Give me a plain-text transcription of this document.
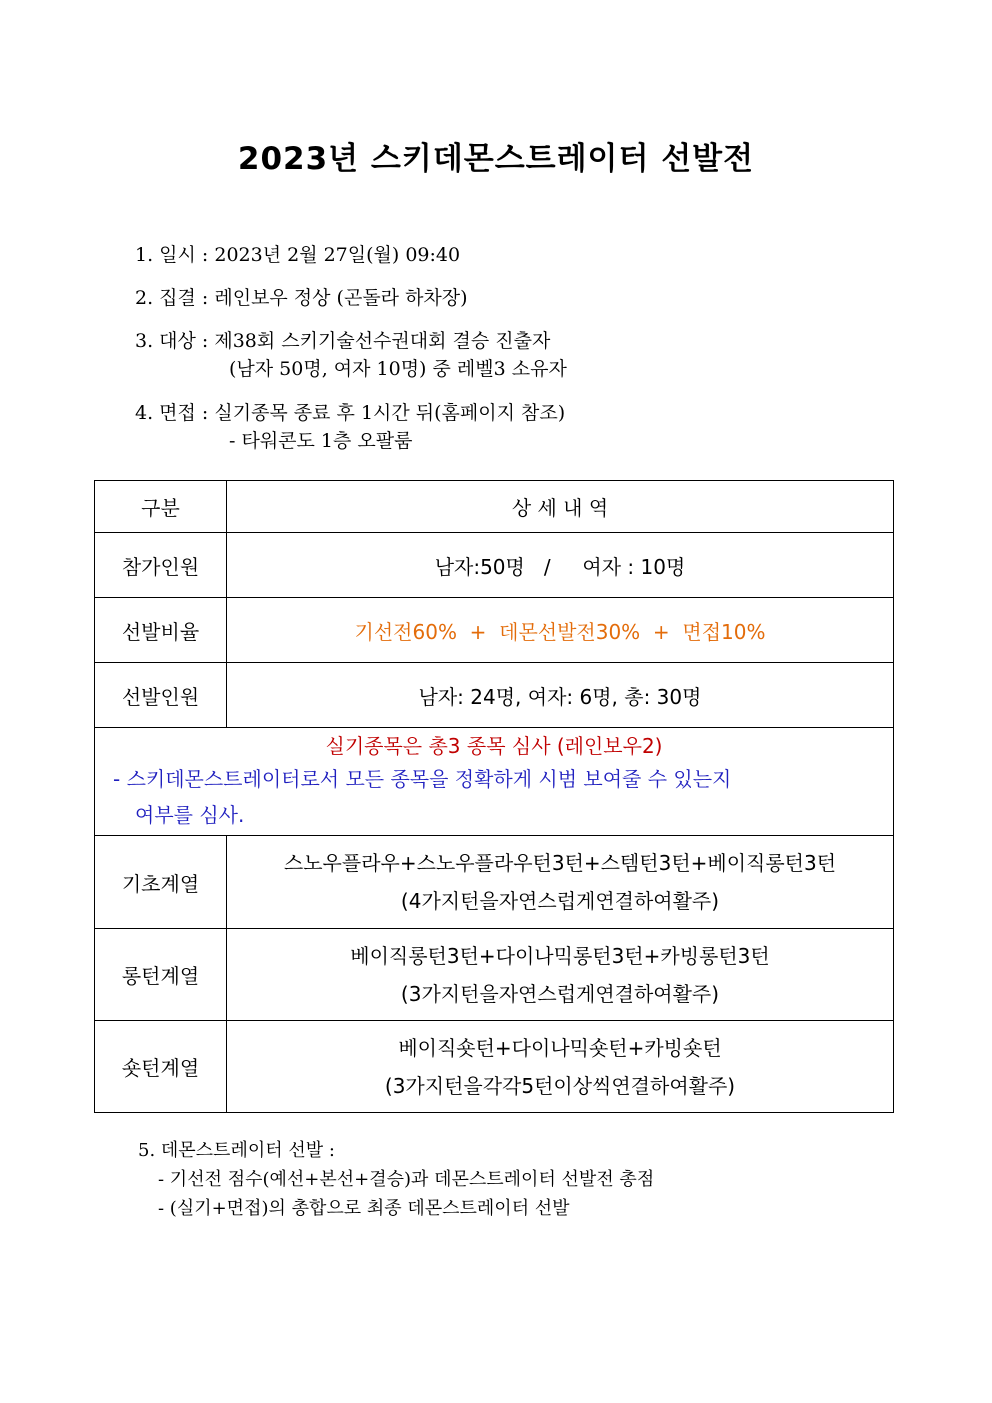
2023년 스키데몬스트레이터 선발전
1. 일시 : 2023년 2월 27일(월) 09:40
2. 집결 : 레인보우 정상 (곤돌라 하차장)
3. 대상 : 제38회 스키기술선수권대회 결승 진출자
(남자 50명, 여자 10명) 중 레벨3 소유자
4. 면접 : 실기종목 종료 후 1시간 뒤(홈페이지 참조)
- 타워콘도 1층 오팔룸
구분	상 세 내 역
참가인원	남자:50명   /     여자 : 10명
선발비율	기선전60%  +  데몬선발전30%  +  면접10%
선발인원	남자: 24명, 여자: 6명, 총: 30명

실기종목은 총3 종목 심사 (레인보우2)
- 스키데몬스트레이터로서 모든 종목을 정확하게 시범 보여줄 수 있는지
여부를 심사.	

기초계열	스노우플라우+스노우플라우턴3턴+스템턴3턴+베이직롱턴3턴
(4가지턴을자연스럽게연결하여활주)

롱턴계열	베이직롱턴3턴+다이나믹롱턴3턴+카빙롱턴3턴
(3가지턴을자연스럽게연결하여활주)

숏턴계열	베이직숏턴+다이나믹숏턴+카빙숏턴
(3가지턴을각각5턴이상씩연결하여활주)
5. 데몬스트레이터 선발 :
- 기선전 점수(예선+본선+결승)과 데몬스트레이터 선발전 총점
- (실기+면접)의 총합으로 최종 데몬스트레이터 선발
